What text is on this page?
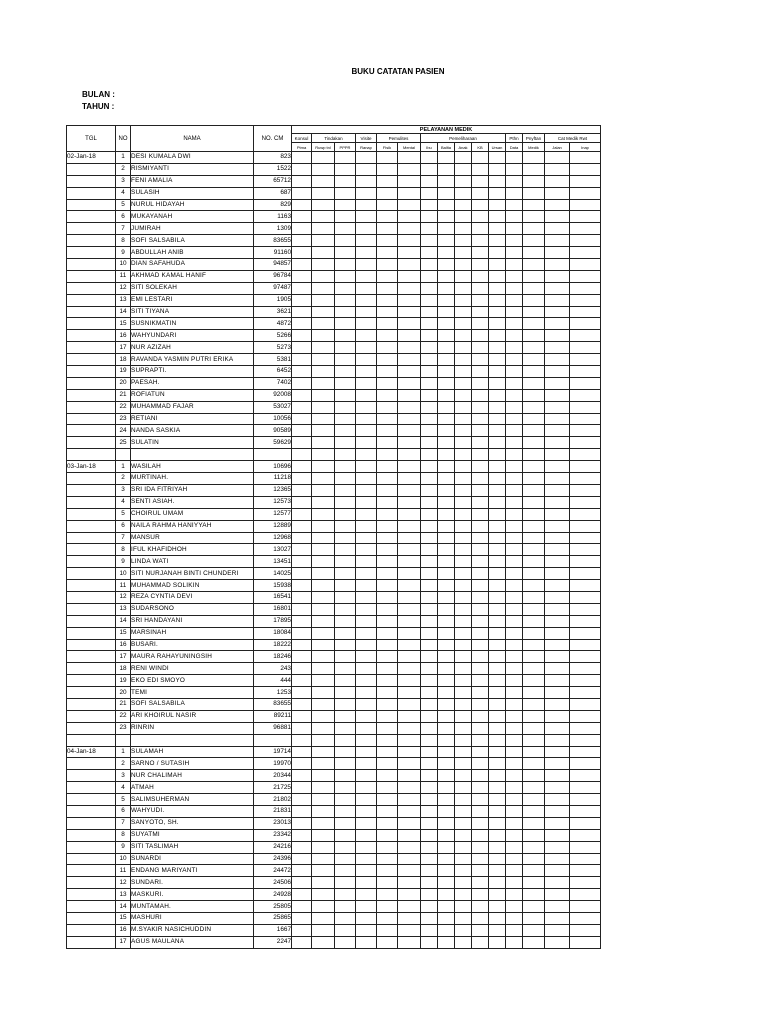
BUKU CATATAN PASIEN
BULAN :
TAHUN :
TGL	NO	NAMA	NO. CM	PELAYANAN MEDIK														
				Konsul	Tindakan		Visite	Pemulites		Pemeliharaan					Pthn	Pnyftan	Cat Medik Rwt	
				Ptma	Ruwp tnl	PPPR	Ranap	Fisik	Mental	Ibu	Ballta	Anak	KB	Ursan	Data	Medik	Jalan	Inap
02-Jan-18	1	DESI KUMALA DWI	823															
	2	RISMIYANTI	1522															
	3	FENI AMALIA	65712															
	4	SULASIH	687															
	5	NURUL HIDAYAH	829															
	6	MUKAYANAH	1163															
	7	JUMIRAH	1309															
	8	SOFI SALSABILA	83655															
	9	ABDULLAH ANIB	91160															
	10	DIAN SAFAHUDA	94857															
	11	AKHMAD KAMAL HANIF	96784															
	12	SITI SOLEKAH	97487															
	13	EMI LESTARI	1905															
	14	SITI TIYANA	3621															
	15	SUSNIKMATIN	4872															
	16	WAHYUNDARI	5266															
	17	NUR AZIZAH	5273															
	18	RAVANDA YASMIN PUTRI ERIKA	5381															
	19	SUPRAPTI.	6452															
	20	PAESAH.	7402															
	21	ROFIATUN	92008															
	22	MUHAMMAD FAJAR	53027															
	23	RETIANI	10056															
	24	NANDA SASKIA	90589															
	25	SULATIN	59629															

03-Jan-18	1	WASILAH	10696															
	2	MURTINAH.	11218															
	3	SRI IDA FITRIYAH	12365															
	4	SENTI ASIAH.	12573															
	5	CHOIRUL UMAM	12577															
	6	NAILA RAHMA HANIYYAH	12889															
	7	MANSUR	12968															
	8	IFUL KHAFIDHOH	13027															
	9	LINDA WATI	13451															
	10	SITI NURJANAH BINTI CHUNDERI	14025															
	11	MUHAMMAD SOLIKIN	15938															
	12	REZA CYNTIA DEVI	16541															
	13	SUDARSONO	16801															
	14	SRI HANDAYANI	17895															
	15	MARSINAH	18084															
	16	BUSARI.	18222															
	17	MAURA RAHAYUNINGSIH	18246															
	18	RENI WINDI	243															
	19	EKO EDI SMOYO	444															
	20	TEMI	1253															
	21	SOFI SALSABILA	83655															
	22	ARI KHOIRUL NASIR	89211															
	23	RINRIN	96881															

04-Jan-18	1	SULAMAH	19714															
	2	SARNO / SUTASIH	19970															
	3	NUR CHALIMAH	20344															
	4	ATMAH	21725															
	5	SALIMSUHERMAN	21802															
	6	WAHYUDI.	21831															
	7	SANYOTO, SH.	23013															
	8	SUYATMI	23342															
	9	SITI TASLIMAH	24216															
	10	SUNARDI	24396															
	11	ENDANG MARIYANTI	24472															
	12	SUNDARI.	24506															
	13	MASKURI.	24928															
	14	MUNTAMAH.	25805															
	15	MASHURI	25865															
	16	M.SYAKIR NASICHUDDIN	1667															
	17	AGUS MAULANA	2247															
